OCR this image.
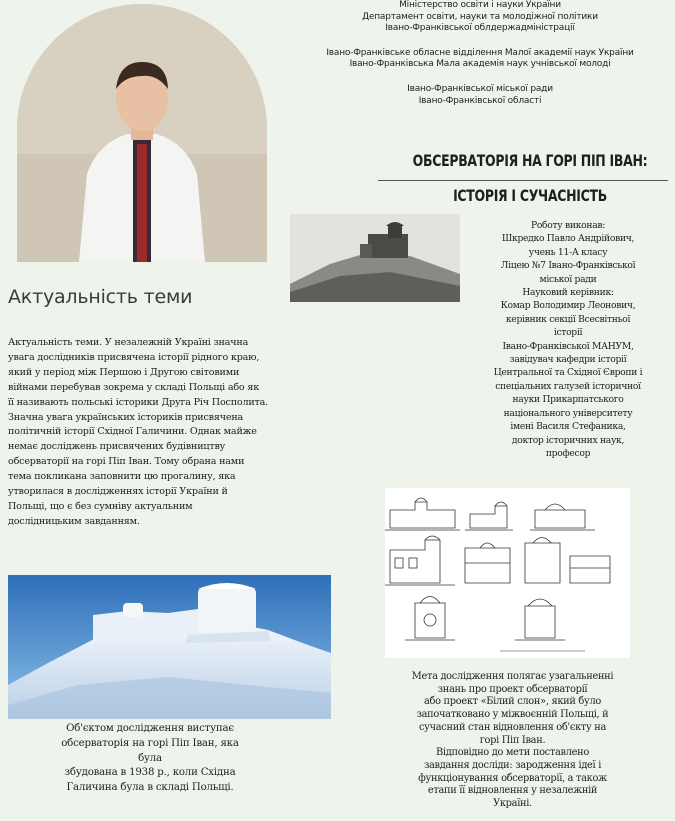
Міністерство освіти і науки України
Департамент освіти, науки та молодіжної політики
Івано-Франківської облдержадміністрації
Івано-Франківське обласне відділення Малої академії наук України
Івано-Франківська Мала академія наук учнівської молоді
Івано-Франківської міської ради
Івано-Франківської області
ОБСЕРВАТОРІЯ НА ГОРІ ПІП ІВАН:
ІСТОРІЯ І СУЧАСНІСТЬ
Роботу виконав:
Шкредко Павло Андрійович,
учень 11-А класу
Ліцею №7 Івано-Франківської
міської ради
Науковий керівник:
Комар Володимир Леонович,
керівник секції Всесвітньої
історії
Івано-Франківської МАНУМ,
завідувач кафедри історії
Центральної та Східної Європи і
спеціальних галузей історичної
науки Прикарпатського
національного університету
імені Василя Стефаника,
доктор історичних наук,
професор
Актуальність теми
Актуальність теми. У незалежній Україні значна
увага дослідників присвячена історії рідного краю,
який у період між Першою і Другою світовими
війнами перебував зокрема у складі Польщі або як
її називають польські історики Друга Річ Посполита.
Значна увага українських істориків присвячена
політичній історії Східної Галичини. Однак майже
немає досліджень присвячених будівництву
обсерваторії на горі Піп Іван. Тому обрана нами
тема покликана заповнити цю прогалину, яка
утворилася в дослідженнях історії України й
Польщі, що є без сумніву актуальним
дослідницьким завданням.
Об'єктом дослідження виступає
обсерваторія на горі Піп Іван, яка
була
збудована в 1938 р., коли Східна
Галичина була в складі Польщі.
Мета дослідження полягає узагальненні
знань про проект обсерваторії
або проект «Білий слон», який було
започатковано у міжвоєнній Польщі, й
сучасний стан відновлення об'єкту на
горі Піп Іван.
Відповідно до мети поставлено
завдання досліди: зародження ідеї і
функціонування обсерваторії, а також
етапи її відновлення у незалежній
Україні.
